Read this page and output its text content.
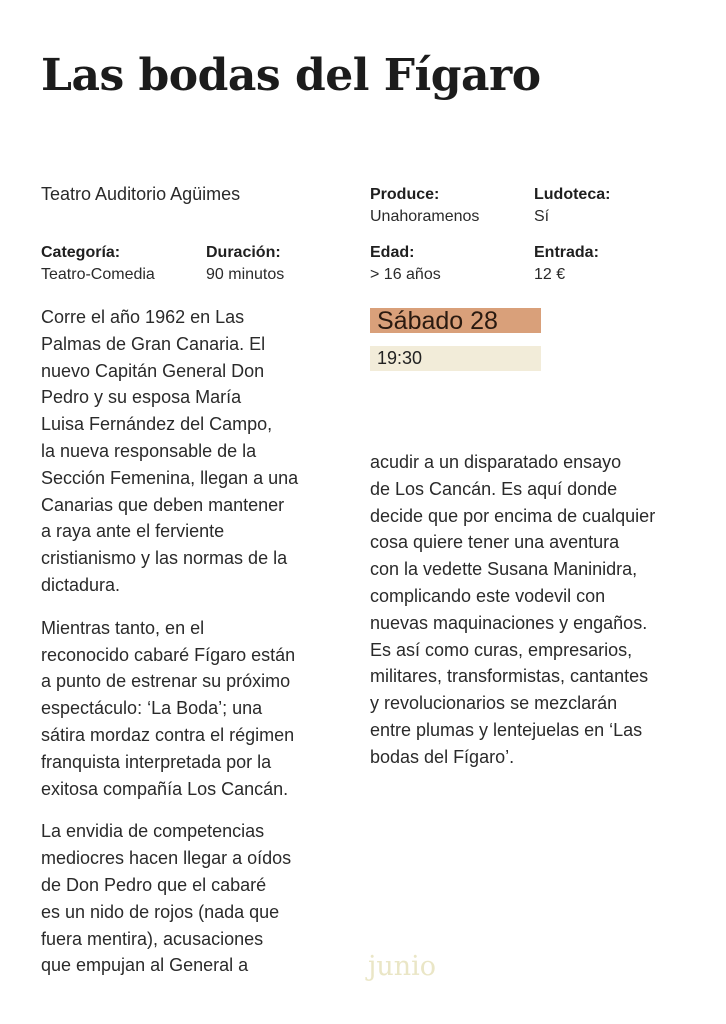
Las bodas del Fígaro
Teatro Auditorio Agüimes
Categoría:
Teatro-Comedia
Duración:
90 minutos
Produce:
Unahoramenos
Ludoteca:
Sí
Edad:
> 16 años
Entrada:
12 €
Sábado 28
19:30

Corre el año 1962 en Las
Palmas de Gran Canaria. El
nuevo Capitán General Don
Pedro y su esposa María
Luisa Fernández del Campo,
la nueva responsable de la
Sección Femenina, llegan a una
Canarias que deben mantener
a raya ante el ferviente
cristianismo y las normas de la
dictadura.

Mientras tanto, en el
reconocido cabaré Fígaro están
a punto de estrenar su próximo
espectáculo: ‘La Boda’; una
sátira mordaz contra el régimen
franquista interpretada por la
exitosa compañía Los Cancán.

La envidia de competencias
mediocres hacen llegar a oídos
de Don Pedro que el cabaré
es un nido de rojos (nada que
fuera mentira), acusaciones
que empujan al General a

acudir a un disparatado ensayo
de Los Cancán. Es aquí donde
decide que por encima de cualquier
cosa quiere tener una aventura
con la vedette Susana Maninidra,
complicando este vodevil con
nuevas maquinaciones y engaños.
Es así como curas, empresarios,
militares, transformistas, cantantes
y revolucionarios se mezclarán
entre plumas y lentejuelas en ‘Las
bodas del Fígaro’.

junio
